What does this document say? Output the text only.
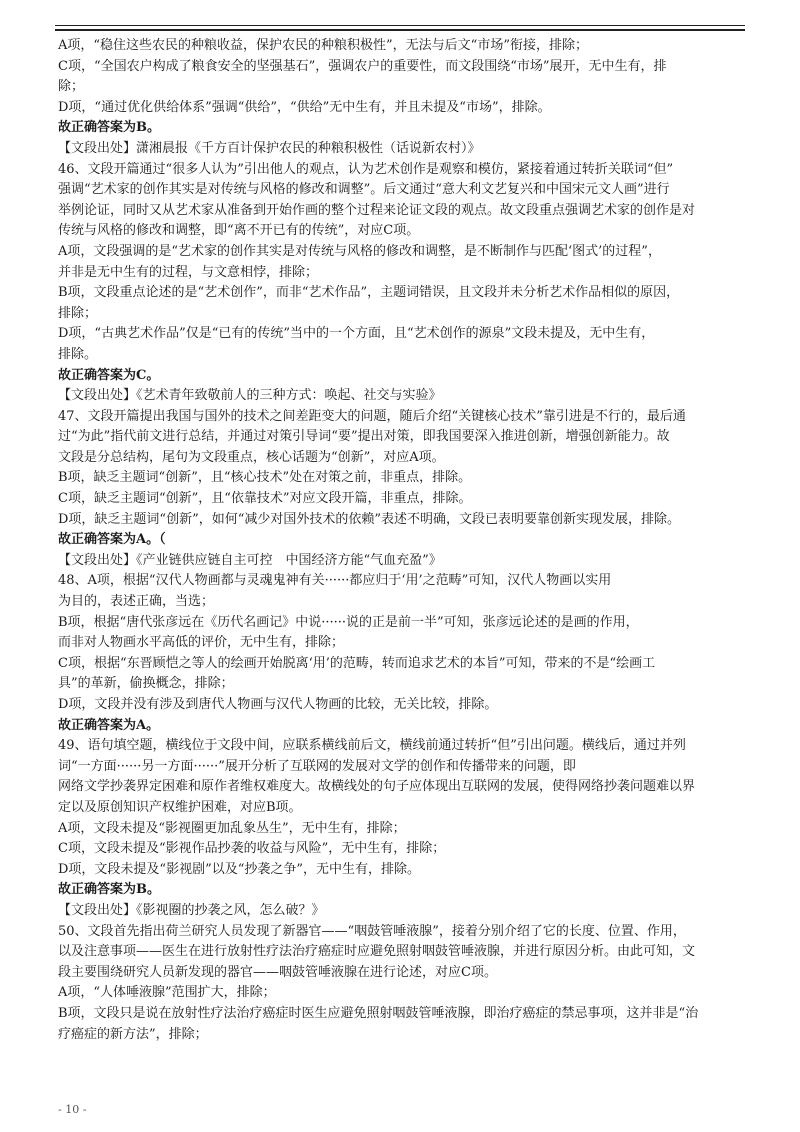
A项，“稳住这些农民的种粮收益，保护农民的种粮积极性”，无法与后文“市场”衔接，排除；
C项，“全国农户构成了粮食安全的坚强基石”，强调农户的重要性，而文段围绕“市场”展开，无中生有，排
除；
D项，“通过优化供给体系”强调“供给”，“供给”无中生有，并且未提及“市场”，排除。
故正确答案为B。
【文段出处】潇湘晨报《千方百计保护农民的种粮积极性（话说新农村）》
46、文段开篇通过“很多人认为”引出他人的观点，认为艺术创作是观察和模仿，紧接着通过转折关联词“但”
强调“艺术家的创作其实是对传统与风格的修改和调整”。后文通过“意大利文艺复兴和中国宋元文人画”进行
举例论证，同时又从艺术家从准备到开始作画的整个过程来论证文段的观点。故文段重点强调艺术家的创作是对
传统与风格的修改和调整，即“离不开已有的传统”，对应C项。
A项，文段强调的是“艺术家的创作其实是对传统与风格的修改和调整，是不断制作与匹配‘图式’的过程”，
并非是无中生有的过程，与文意相悖，排除；
B项，文段重点论述的是“艺术创作”，而非“艺术作品”，主题词错误，且文段并未分析艺术作品相似的原因，
排除；
D项，“古典艺术作品”仅是“已有的传统”当中的一个方面，且“艺术创作的源泉”文段未提及，无中生有，
排除。
故正确答案为C。
【文段出处】《艺术青年致敬前人的三种方式：唤起、社交与实验》
47、文段开篇提出我国与国外的技术之间差距变大的问题，随后介绍“关键核心技术”靠引进是不行的，最后通
过“为此”指代前文进行总结，并通过对策引导词“要”提出对策，即我国要深入推进创新，增强创新能力。故
文段是分总结构，尾句为文段重点，核心话题为“创新”，对应A项。
B项，缺乏主题词“创新”，且“核心技术”处在对策之前，非重点，排除。
C项，缺乏主题词“创新”，且“依靠技术”对应文段开篇，非重点，排除。
D项，缺乏主题词“创新”，如何“减少对国外技术的依赖”表述不明确，文段已表明要靠创新实现发展，排除。
故正确答案为A。（
【文段出处】《产业链供应链自主可控　中国经济方能“气血充盈”》
48、A项，根据“汉代人物画都与灵魂鬼神有关······都应归于‘用’之范畴”可知，汉代人物画以实用
为目的，表述正确，当选；
B项，根据“唐代张彦远在《历代名画记》中说······说的正是前一半”可知，张彦远论述的是画的作用，
而非对人物画水平高低的评价，无中生有，排除；
C项，根据“东晋顾恺之等人的绘画开始脱离‘用’的范畴，转而追求艺术的本旨”可知，带来的不是“绘画工
具”的革新，偷换概念，排除；
D项，文段并没有涉及到唐代人物画与汉代人物画的比较，无关比较，排除。
故正确答案为A。
49、语句填空题，横线位于文段中间，应联系横线前后文，横线前通过转折“但”引出问题。横线后，通过并列
词“一方面······另一方面······”展开分析了互联网的发展对文学的创作和传播带来的问题，即
网络文学抄袭界定困难和原作者维权难度大。故横线处的句子应体现出互联网的发展，使得网络抄袭问题难以界
定以及原创知识产权维护困难，对应B项。
A项，文段未提及“影视圈更加乱象丛生”，无中生有，排除；
C项，文段未提及“影视作品抄袭的收益与风险”，无中生有，排除；
D项，文段未提及“影视剧”以及“抄袭之争”，无中生有，排除。
故正确答案为B。
【文段出处】《影视圈的抄袭之风，怎么破？》
50、文段首先指出荷兰研究人员发现了新器官——“咽鼓管唾液腺”，接着分别介绍了它的长度、位置、作用，
以及注意事项——医生在进行放射性疗法治疗癌症时应避免照射咽鼓管唾液腺，并进行原因分析。由此可知，文
段主要围绕研究人员新发现的器官——咽鼓管唾液腺在进行论述，对应C项。
A项，“人体唾液腺”范围扩大，排除；
B项，文段只是说在放射性疗法治疗癌症时医生应避免照射咽鼓管唾液腺，即治疗癌症的禁忌事项，这并非是“治
疗癌症的新方法”，排除；
- 10 -
